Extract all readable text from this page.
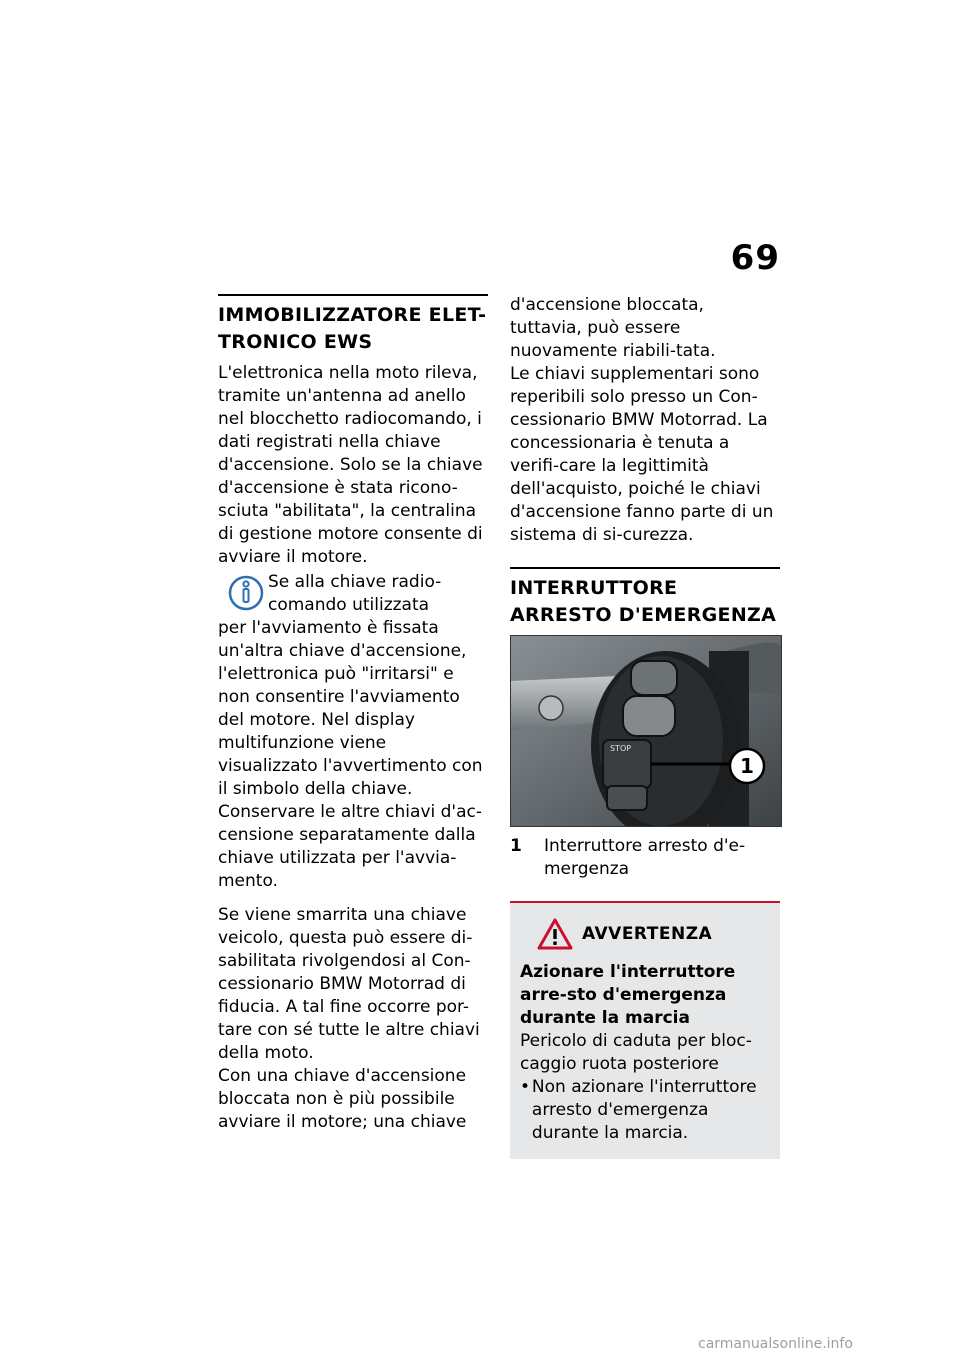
69
IMMOBILIZZATORE ELET-TRONICO EWS

L'elettronica nella moto rileva, tramite un'antenna ad anello nel blocchetto radiocomando, i dati registrati nella chiave d'accensione. Solo se la chiave d'accensione è stata ricono-sciuta "abilitata", la centralina di gestione motore consente di avviare il motore.

Se alla chiave radio-comando utilizzata

per l'avviamento è fissata un'altra chiave d'accensione, l'elettronica può "irritarsi" e non consentire l'avviamento del motore. Nel display multifunzione viene visualizzato l'avvertimento con il simbolo della chiave.

Conservare le altre chiavi d'ac-censione separatamente dalla chiave utilizzata per l'avvia-mento.

Se viene smarrita una chiave veicolo, questa può essere di-sabilitata rivolgendosi al Con-cessionario BMW Motorrad di fiducia. A tal fine occorre por-tare con sé tutte le altre chiavi della moto.

Con una chiave d'accensione bloccata non è più possibile avviare il motore; una chiave

d'accensione bloccata, tuttavia, può essere nuovamente riabili-tata.

Le chiavi supplementari sono reperibili solo presso un Con-cessionario BMW Motorrad. La concessionaria è tenuta a verifi-care la legittimità dell'acquisto, poiché le chiavi d'accensione fanno parte di un sistema di si-curezza.

INTERRUTTORE ARRESTO D'EMERGENZA
STOP
1
1	Interruttore arresto d'e-mergenza
AVVERTENZA

Azionare l'interruttore arre-sto d'emergenza durante la marcia

Pericolo di caduta per bloc-caggio ruota posteriore

• Non azionare l'interruttore arresto d'emergenza durante la marcia.
carmanualsonline.info
